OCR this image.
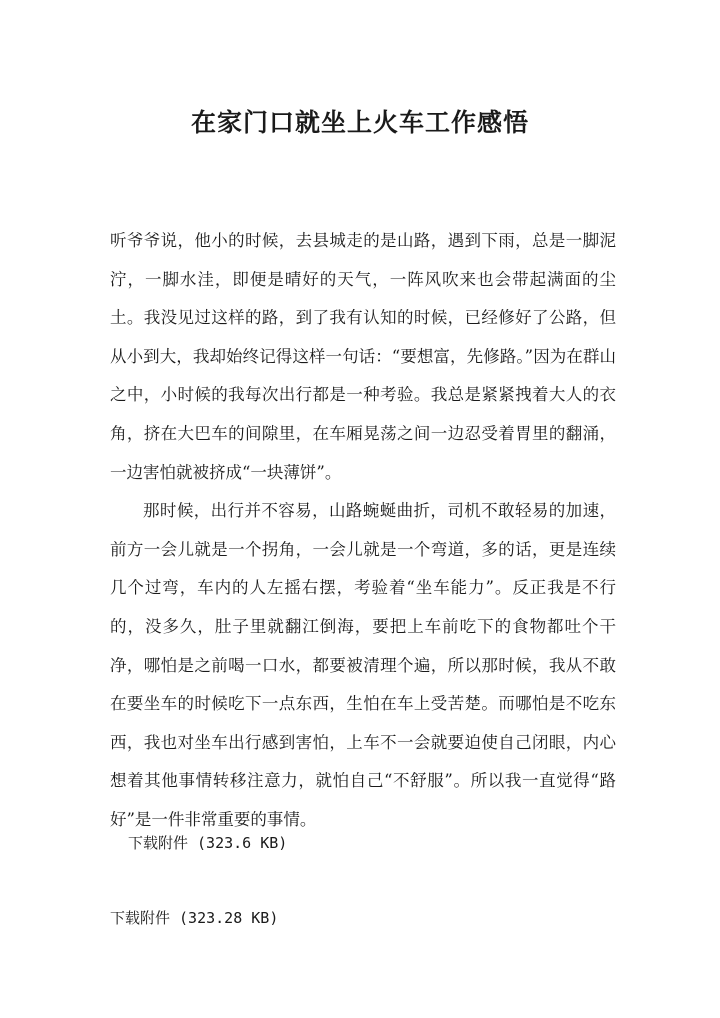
在家门口就坐上火车工作感悟

听爷爷说，他小的时候，去县城走的是山路，遇到下雨，总是一脚泥泞，一脚水洼，即便是晴好的天气，一阵风吹来也会带起满面的尘土。我没见过这样的路，到了我有认知的时候，已经修好了公路，但从小到大，我却始终记得这样一句话：“要想富，先修路。”因为在群山之中，小时候的我每次出行都是一种考验。我总是紧紧拽着大人的衣角，挤在大巴车的间隙里，在车厢晃荡之间一边忍受着胃里的翻涌，一边害怕就被挤成“一块薄饼”。

那时候，出行并不容易，山路蜿蜒曲折，司机不敢轻易的加速，前方一会儿就是一个拐角，一会儿就是一个弯道，多的话，更是连续几个过弯，车内的人左摇右摆，考验着“坐车能力”。反正我是不行的，没多久，肚子里就翻江倒海，要把上车前吃下的食物都吐个干净，哪怕是之前喝一口水，都要被清理个遍，所以那时候，我从不敢在要坐车的时候吃下一点东西，生怕在车上受苦楚。而哪怕是不吃东西，我也对坐车出行感到害怕，上车不一会就要迫使自己闭眼，内心想着其他事情转移注意力，就怕自己“不舒服”。所以我一直觉得“路好”是一件非常重要的事情。

下载附件 (323.6 KB)
下载附件 (323.28 KB)
